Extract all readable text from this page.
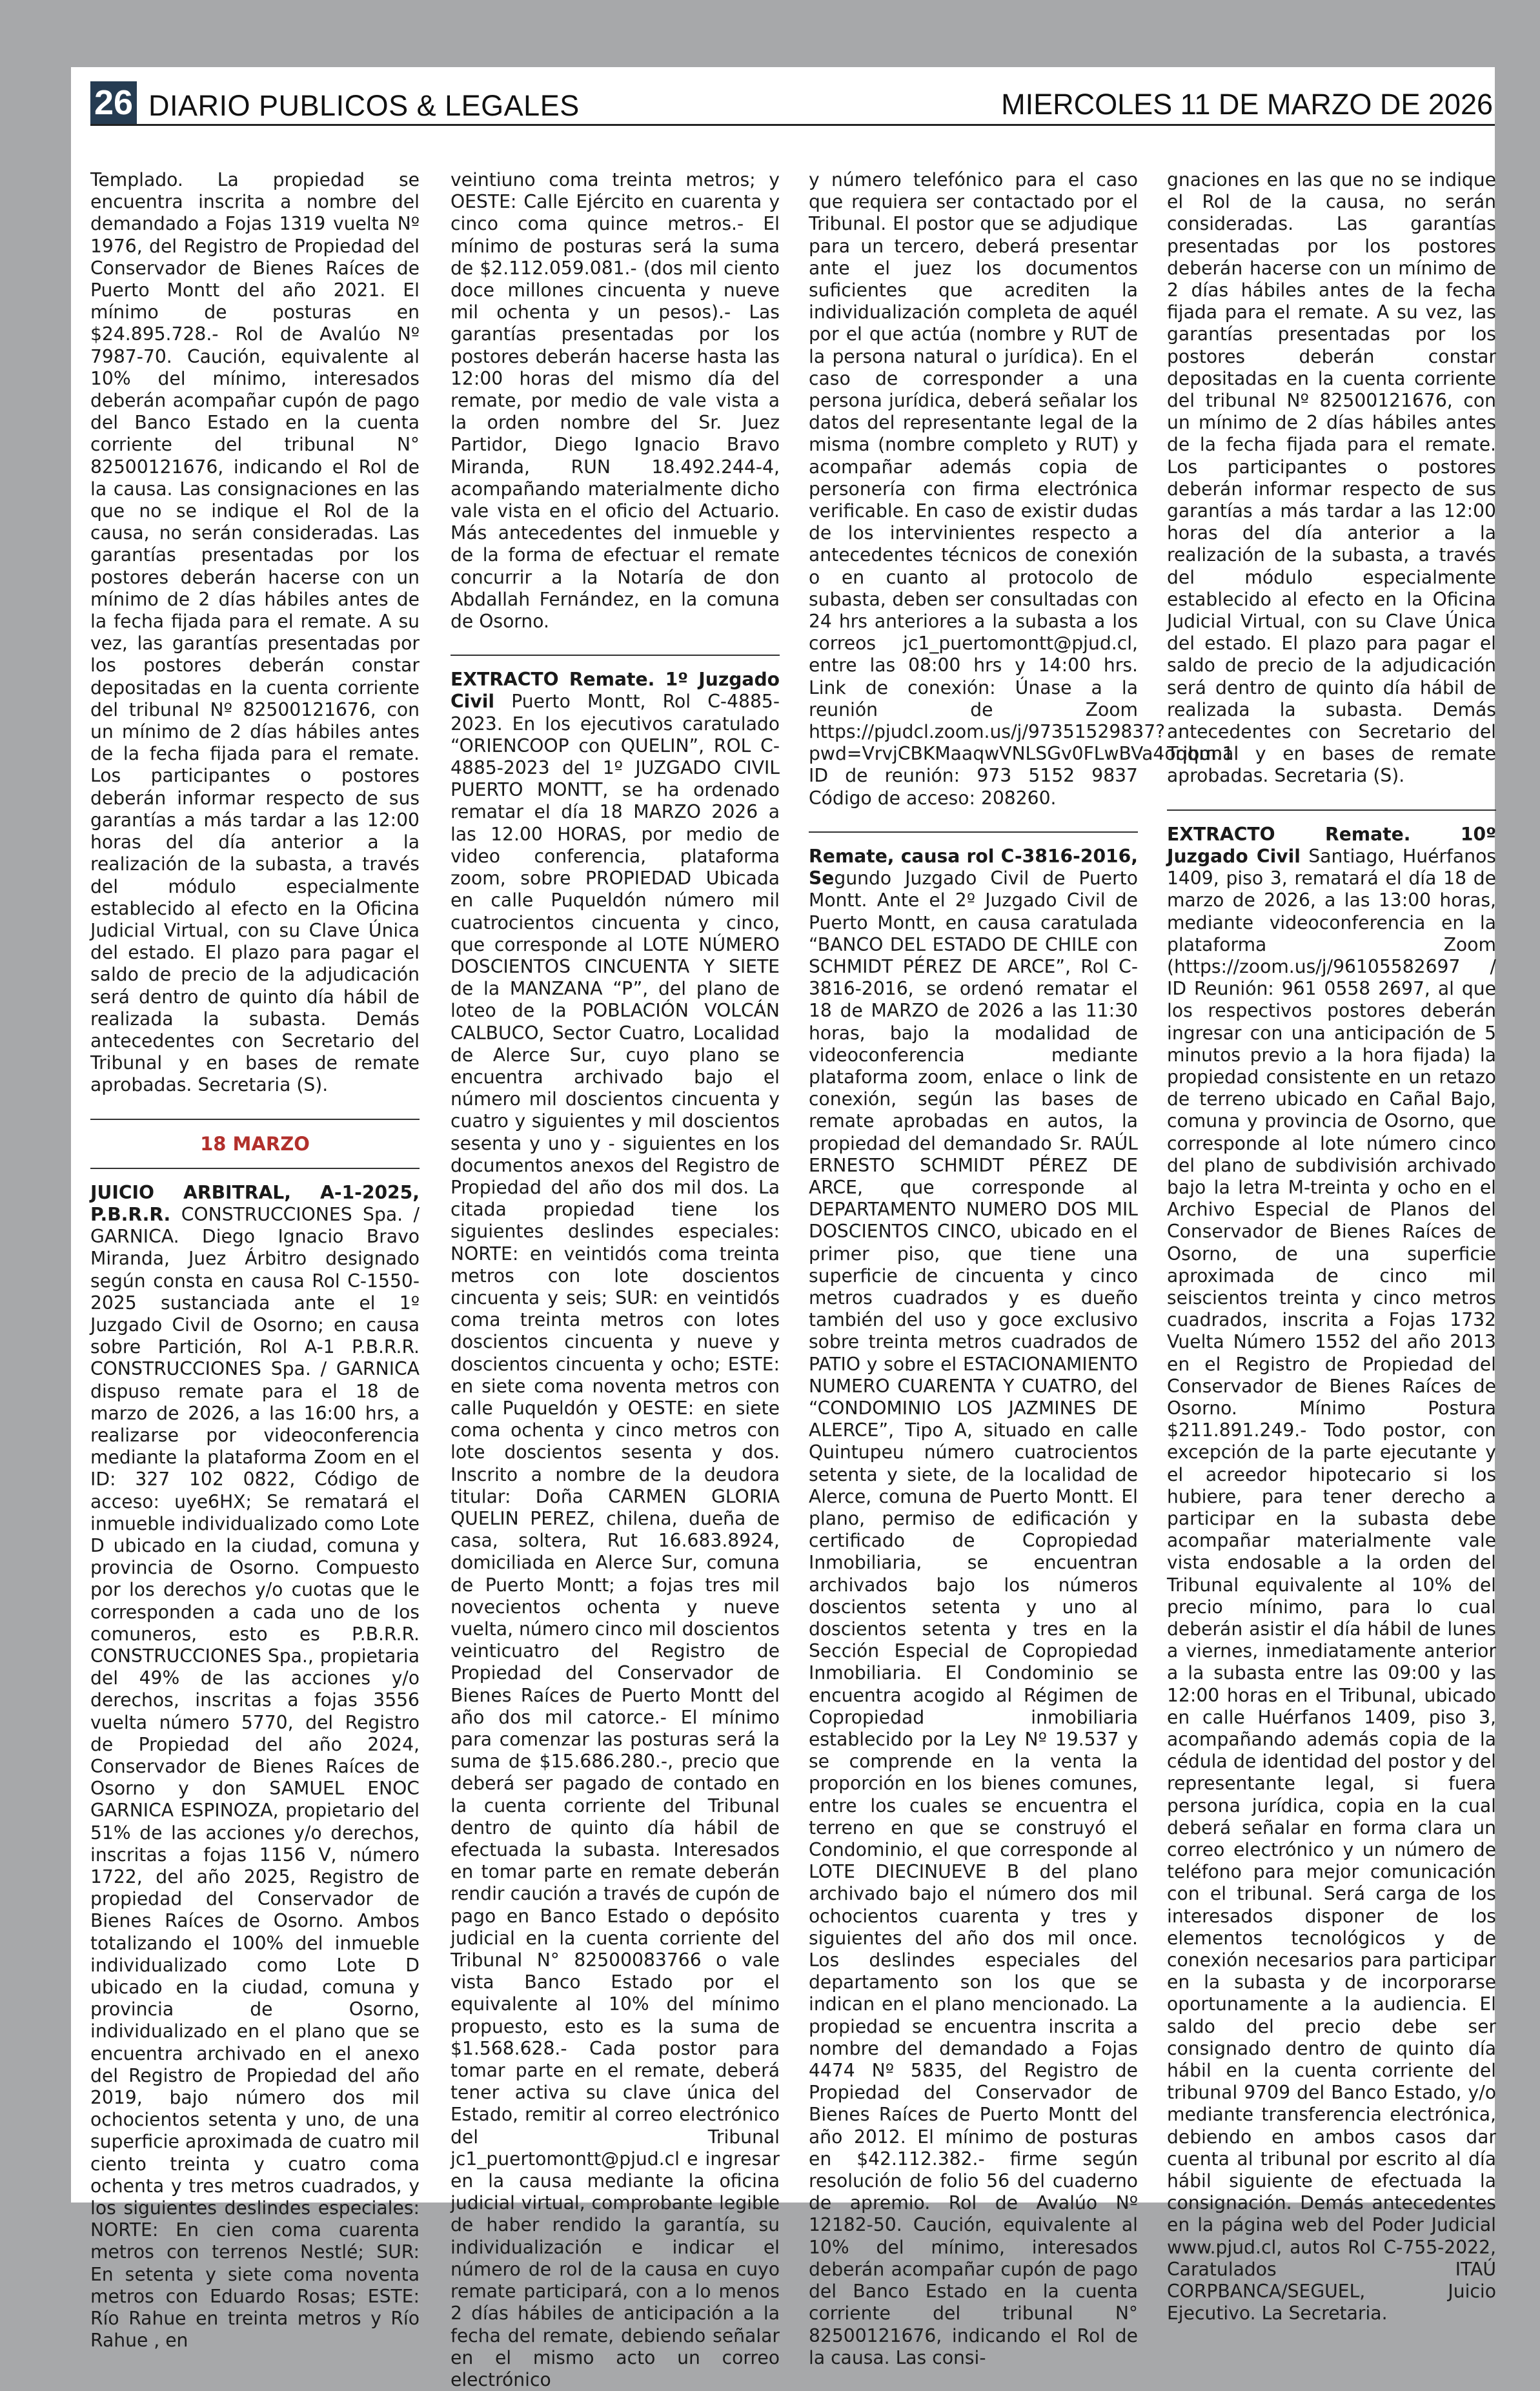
26 DIARIO PUBLICOS & LEGALES	MIERCOLES 11 DE MARZO DE 2026

Templado. La propiedad se encuentra inscrita a nombre del demandado a Fojas 1319 vuelta Nº 1976, del Registro de Propiedad del Conservador de Bienes Raíces de Puerto Montt del año 2021. El mínimo de posturas en $24.895.728.- Rol de Avalúo Nº 7987-70. Caución, equivalente al 10% del mínimo, interesados deberán acompañar cupón de pago del Banco Estado en la cuenta corriente del tribunal N° 82500121676, indicando el Rol de la causa. Las consignaciones en las que no se indique el Rol de la causa, no serán consideradas. Las garantías presentadas por los postores deberán hacerse con un mínimo de 2 días hábiles antes de la fecha fijada para el remate. A su vez, las garantías presentadas por los postores deberán constar depositadas en la cuenta corriente del tribunal Nº 82500121676, con un mínimo de 2 días hábiles antes de la fecha fijada para el remate. Los participantes o postores deberán informar respecto de sus garantías a más tardar a las 12:00 horas del día anterior a la realización de la subasta, a través del módulo especialmente establecido al efecto en la Oficina Judicial Virtual, con su Clave Única del estado. El plazo para pagar el saldo de precio de la adjudicación será dentro de quinto día hábil de realizada la subasta. Demás antecedentes con Secretario del Tribunal y en bases de remate aprobadas. Secretaria (S).

18 MARZO

JUICIO ARBITRAL, A-1-2025, P.B.R.R. CONSTRUCCIONES Spa. / GARNICA. Diego Ignacio Bravo Miranda, Juez Árbitro designado según consta en causa Rol C-1550-2025 sustanciada ante el 1º Juzgado Civil de Osorno; en causa sobre Partición, Rol A-1 P.B.R.R. CONSTRUCCIONES Spa. / GARNICA dispuso remate para el 18 de marzo de 2026, a las 16:00 hrs, a realizarse por videoconferencia mediante la plataforma Zoom en el ID: 327 102 0822, Código de acceso: uye6HX; Se rematará el inmueble individualizado como Lote D ubicado en la ciudad, comuna y provincia de Osorno. Compuesto por los derechos y/o cuotas que le corresponden a cada uno de los comuneros, esto es P.B.R.R. CONSTRUCCIONES Spa., propietaria del 49% de las acciones y/o derechos, inscritas a fojas 3556 vuelta número 5770, del Registro de Propiedad del año 2024, Conservador de Bienes Raíces de Osorno y don SAMUEL ENOC GARNICA ESPINOZA, propietario del 51% de las acciones y/o derechos, inscritas a fojas 1156 V, número 1722, del año 2025, Registro de propiedad del Conservador de Bienes Raíces de Osorno. Ambos totalizando el 100% del inmueble individualizado como Lote D ubicado en la ciudad, comuna y provincia de Osorno, individualizado en el plano que se encuentra archivado en el anexo del Registro de Propiedad del año 2019, bajo número dos mil ochocientos setenta y uno, de una superficie aproximada de cuatro mil ciento treinta y cuatro coma ochenta y tres metros cuadrados, y los siguientes deslindes especiales: NORTE: En cien coma cuarenta metros con terrenos Nestlé; SUR: En setenta y siete coma noventa metros con Eduardo Rosas; ESTE: Río Rahue en treinta metros y Río Rahue , en

veintiuno coma treinta metros; y OESTE: Calle Ejército en cuarenta y cinco coma quince metros.- El mínimo de posturas será la suma de $2.112.059.081.- (dos mil ciento doce millones cincuenta y nueve mil ochenta y un pesos).- Las garantías presentadas por los postores deberán hacerse hasta las 12:00 horas del mismo día del remate, por medio de vale vista a la orden nombre del Sr. Juez Partidor, Diego Ignacio Bravo Miranda, RUN 18.492.244-4, acompañando materialmente dicho vale vista en el oficio del Actuario. Más antecedentes del inmueble y de la forma de efectuar el remate concurrir a la Notaría de don Abdallah Fernández, en la comuna de Osorno.

EXTRACTO Remate. 1º Juzgado Civil Puerto Montt, Rol C-4885-2023. En los ejecutivos caratulado “ORIENCOOP con QUELIN”, ROL C-4885-2023 del 1º JUZGADO CIVIL PUERTO MONTT, se ha ordenado rematar el día 18 MARZO 2026 a las 12.00 HORAS, por medio de video conferencia, plataforma zoom, sobre PROPIEDAD Ubicada en calle Puqueldón número mil cuatrocientos cincuenta y cinco, que corresponde al LOTE NÚMERO DOSCIENTOS CINCUENTA Y SIETE de la MANZANA “P”, del plano de loteo de la POBLACIÓN VOLCÁN CALBUCO, Sector Cuatro, Localidad de Alerce Sur, cuyo plano se encuentra archivado bajo el número mil doscientos cincuenta y cuatro y siguientes y mil doscientos sesenta y uno y - siguientes en los documentos anexos del Registro de Propiedad del año dos mil dos. La citada propiedad tiene los siguientes deslindes especiales: NORTE: en veintidós coma treinta metros con lote doscientos cincuenta y seis; SUR: en veintidós coma treinta metros con lotes doscientos cincuenta y nueve y doscientos cincuenta y ocho; ESTE: en siete coma noventa metros con calle Puqueldón y OESTE: en siete coma ochenta y cinco metros con lote doscientos sesenta y dos. Inscrito a nombre de la deudora titular: Doña CARMEN GLORIA QUELIN PEREZ, chilena, dueña de casa, soltera, Rut 16.683.8924, domiciliada en Alerce Sur, comuna de Puerto Montt; a fojas tres mil novecientos ochenta y nueve vuelta, número cinco mil doscientos veinticuatro del Registro de Propiedad del Conservador de Bienes Raíces de Puerto Montt del año dos mil catorce.- El mínimo para comenzar las posturas será la suma de $15.686.280.-, precio que deberá ser pagado de contado en la cuenta corriente del Tribunal dentro de quinto día hábil de efectuada la subasta. Interesados en tomar parte en remate deberán rendir caución a través de cupón de pago en Banco Estado o depósito judicial en la cuenta corriente del Tribunal N° 82500083766 o vale vista Banco Estado por el equivalente al 10% del mínimo propuesto, esto es la suma de $1.568.628.- Cada postor para tomar parte en el remate, deberá tener activa su clave única del Estado, remitir al correo electrónico del Tribunal jc1_puertomontt@pjud.cl e ingresar en la causa mediante la oficina judicial virtual, comprobante legible de haber rendido la garantía, su individualización e indicar el número de rol de la causa en cuyo remate participará, con a lo menos 2 días hábiles de anticipación a la fecha del remate, debiendo señalar en el mismo acto un correo electrónico

y número telefónico para el caso que requiera ser contactado por el Tribunal. El postor que se adjudique para un tercero, deberá presentar ante el juez los documentos suficientes que acrediten la individualización completa de aquél por el que actúa (nombre y RUT de la persona natural o jurídica). En el caso de corresponder a una persona jurídica, deberá señalar los datos del representante legal de la misma (nombre completo y RUT) y acompañar además copia de personería con firma electrónica verificable. En caso de existir dudas de los intervinientes respecto a antecedentes técnicos de conexión o en cuanto al protocolo de subasta, deben ser consultadas con 24 hrs anteriores a la subasta a los correos jc1_puertomontt@pjud.cl, entre las 08:00 hrs y 14:00 hrs. Link de conexión: Únase a la reunión de Zoom https://pjudcl.zoom.us/j/97351529837?pwd=VrvjCBKMaaqwVNLSGv0FLwBVa4oqqm.1 ID de reunión: 973 5152 9837 Código de acceso: 208260.

Remate, causa rol C-3816-2016, Segundo Juzgado Civil de Puerto Montt. Ante el 2º Juzgado Civil de Puerto Montt, en causa caratulada “BANCO DEL ESTADO DE CHILE con SCHMIDT PÉREZ DE ARCE”, Rol C-3816-2016, se ordenó rematar el 18 de MARZO de 2026 a las 11:30 horas, bajo la modalidad de videoconferencia mediante plataforma zoom, enlace o link de conexión, según las bases de remate aprobadas en autos, la propiedad del demandado Sr. RAÚL ERNESTO SCHMIDT PÉREZ DE ARCE, que corresponde al DEPARTAMENTO NUMERO DOS MIL DOSCIENTOS CINCO, ubicado en el primer piso, que tiene una superficie de cincuenta y cinco metros cuadrados y es dueño también del uso y goce exclusivo sobre treinta metros cuadrados de PATIO y sobre el ESTACIONAMIENTO NUMERO CUARENTA Y CUATRO, del “CONDOMINIO LOS JAZMINES DE ALERCE”, Tipo A, situado en calle Quintupeu número cuatrocientos setenta y siete, de la localidad de Alerce, comuna de Puerto Montt. El plano, permiso de edificación y certificado de Copropiedad Inmobiliaria, se encuentran archivados bajo los números doscientos setenta y uno al doscientos setenta y tres en la Sección Especial de Copropiedad Inmobiliaria. El Condominio se encuentra acogido al Régimen de Copropiedad inmobiliaria establecido por la Ley Nº 19.537 y se comprende en la venta la proporción en los bienes comunes, entre los cuales se encuentra el terreno en que se construyó el Condominio, el que corresponde al LOTE DIECINUEVE B del plano archivado bajo el número dos mil ochocientos cuarenta y tres y siguientes del año dos mil once. Los deslindes especiales del departamento son los que se indican en el plano mencionado. La propiedad se encuentra inscrita a nombre del demandado a Fojas 4474 Nº 5835, del Registro de Propiedad del Conservador de Bienes Raíces de Puerto Montt del año 2012. El mínimo de posturas en $42.112.382.- firme según resolución de folio 56 del cuaderno de apremio. Rol de Avalúo Nº 12182-50. Caución, equivalente al 10% del mínimo, interesados deberán acompañar cupón de pago del Banco Estado en la cuenta corriente del tribunal N° 82500121676, indicando el Rol de la causa. Las consi-

gnaciones en las que no se indique el Rol de la causa, no serán consideradas. Las garantías presentadas por los postores deberán hacerse con un mínimo de 2 días hábiles antes de la fecha fijada para el remate. A su vez, las garantías presentadas por los postores deberán constar depositadas en la cuenta corriente del tribunal Nº 82500121676, con un mínimo de 2 días hábiles antes de la fecha fijada para el remate. Los participantes o postores deberán informar respecto de sus garantías a más tardar a las 12:00 horas del día anterior a la realización de la subasta, a través del módulo especialmente establecido al efecto en la Oficina Judicial Virtual, con su Clave Única del estado. El plazo para pagar el saldo de precio de la adjudicación será dentro de quinto día hábil de realizada la subasta. Demás antecedentes con Secretario del Tribunal y en bases de remate aprobadas. Secretaria (S).

EXTRACTO Remate. 10º Juzgado Civil Santiago, Huérfanos 1409, piso 3, rematará el día 18 de marzo de 2026, a las 13:00 horas, mediante videoconferencia en la plataforma Zoom (https://zoom.us/j/96105582697 / ID Reunión: 961 0558 2697, al que los respectivos postores deberán ingresar con una anticipación de 5 minutos previo a la hora fijada) la propiedad consistente en un retazo de terreno ubicado en Cañal Bajo, comuna y provincia de Osorno, que corresponde al lote número cinco del plano de subdivisión archivado bajo la letra M-treinta y ocho en el Archivo Especial de Planos del Conservador de Bienes Raíces de Osorno, de una superficie aproximada de cinco mil seiscientos treinta y cinco metros cuadrados, inscrita a Fojas 1732 Vuelta Número 1552 del año 2013 en el Registro de Propiedad del Conservador de Bienes Raíces de Osorno. Mínimo Postura $211.891.249.- Todo postor, con excepción de la parte ejecutante y el acreedor hipotecario si los hubiere, para tener derecho a participar en la subasta debe acompañar materialmente vale vista endosable a la orden del Tribunal equivalente al 10% del precio mínimo, para lo cual deberán asistir el día hábil de lunes a viernes, inmediatamente anterior a la subasta entre las 09:00 y las 12:00 horas en el Tribunal, ubicado en calle Huérfanos 1409, piso 3, acompañando además copia de la cédula de identidad del postor y del representante legal, si fuera persona jurídica, copia en la cual deberá señalar en forma clara un correo electrónico y un número de teléfono para mejor comunicación con el tribunal. Será carga de los interesados disponer de los elementos tecnológicos y de conexión necesarios para participar en la subasta y de incorporarse oportunamente a la audiencia. El saldo del precio debe ser consignado dentro de quinto día hábil en la cuenta corriente del tribunal 9709 del Banco Estado, y/o mediante transferencia electrónica, debiendo en ambos casos dar cuenta al tribunal por escrito al día hábil siguiente de efectuada la consignación. Demás antecedentes en la página web del Poder Judicial www.pjud.cl, autos Rol C-755-2022, Caratulados ITAÚ CORPBANCA/SEGUEL, Juicio Ejecutivo. La Secretaria.
